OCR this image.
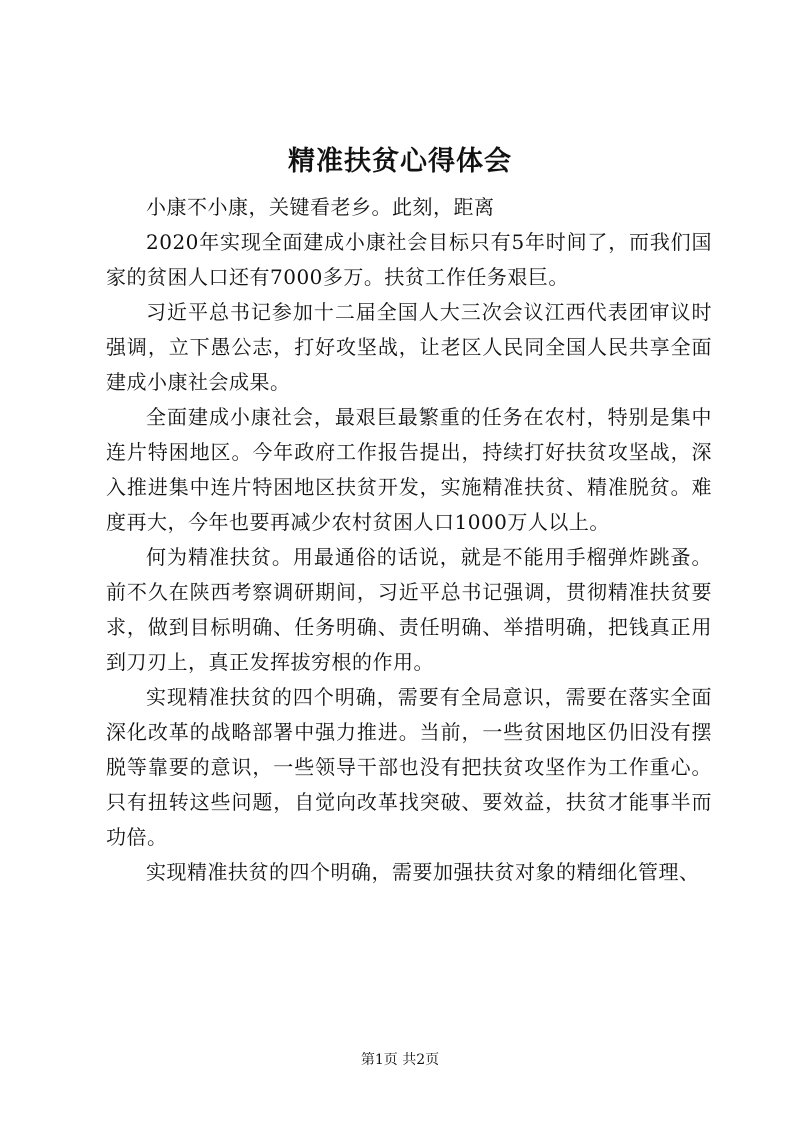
精准扶贫心得体会

小康不小康，关键看老乡。此刻，距离

2020年实现全面建成小康社会目标只有5年时间了，而我们国家的贫困人口还有7000多万。扶贫工作任务艰巨。

习近平总书记参加十二届全国人大三次会议江西代表团审议时强调，立下愚公志，打好攻坚战，让老区人民同全国人民共享全面建成小康社会成果。

全面建成小康社会，最艰巨最繁重的任务在农村，特别是集中连片特困地区。今年政府工作报告提出，持续打好扶贫攻坚战，深入推进集中连片特困地区扶贫开发，实施精准扶贫、精准脱贫。难度再大，今年也要再减少农村贫困人口1000万人以上。

何为精准扶贫。用最通俗的话说，就是不能用手榴弹炸跳蚤。前不久在陕西考察调研期间，习近平总书记强调，贯彻精准扶贫要求，做到目标明确、任务明确、责任明确、举措明确，把钱真正用到刀刃上，真正发挥拔穷根的作用。

实现精准扶贫的四个明确，需要有全局意识，需要在落实全面深化改革的战略部署中强力推进。当前，一些贫困地区仍旧没有摆脱等靠要的意识，一些领导干部也没有把扶贫攻坚作为工作重心。只有扭转这些问题，自觉向改革找突破、要效益，扶贫才能事半而功倍。

实现精准扶贫的四个明确，需要加强扶贫对象的精细化管理、

第1页 共2页
